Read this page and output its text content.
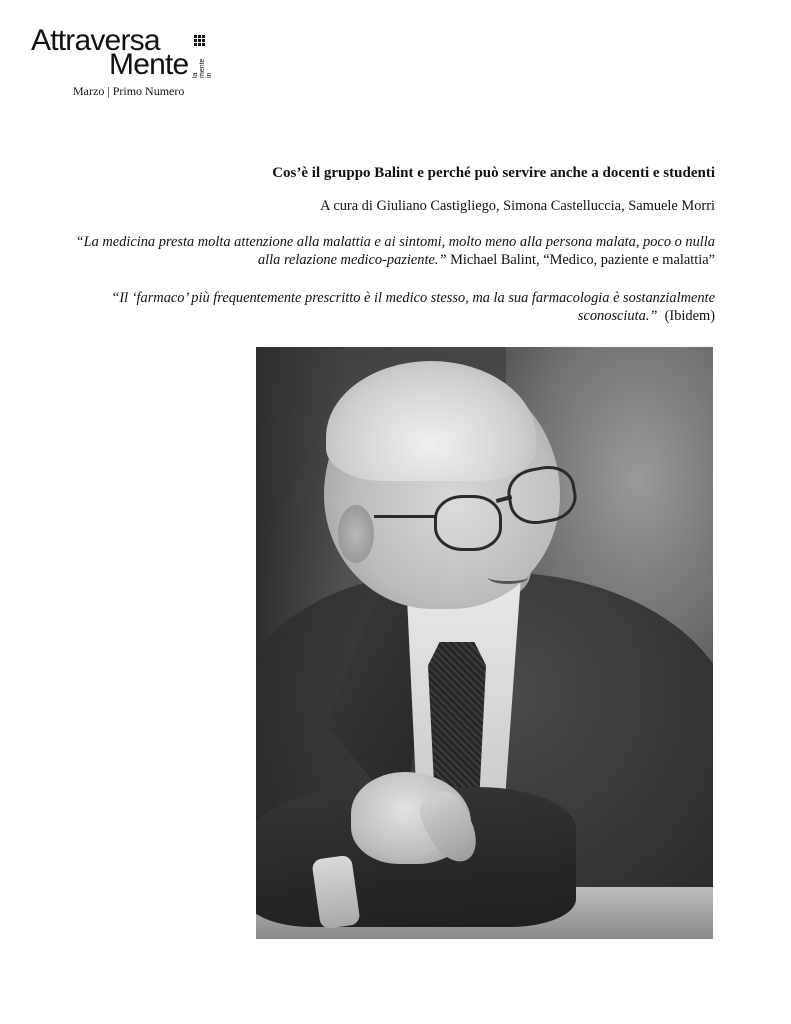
Attraversa
Mente la mente in
Marzo | Primo Numero
Cos’è il gruppo Balint e perché può servire anche a docenti e studenti
A cura di Giuliano Castigliego, Simona Castelluccia, Samuele Morri
“La medicina presta molta attenzione alla malattia e ai sintomi, molto meno alla persona malata, poco o nulla alla relazione medico-paziente.” Michael Balint, “Medico, paziente e malattia”
“Il ‘farmaco’ più frequentemente prescritto è il medico stesso, ma la sua farmacologia è sostanzialmente sconosciuta.” (Ibidem)
